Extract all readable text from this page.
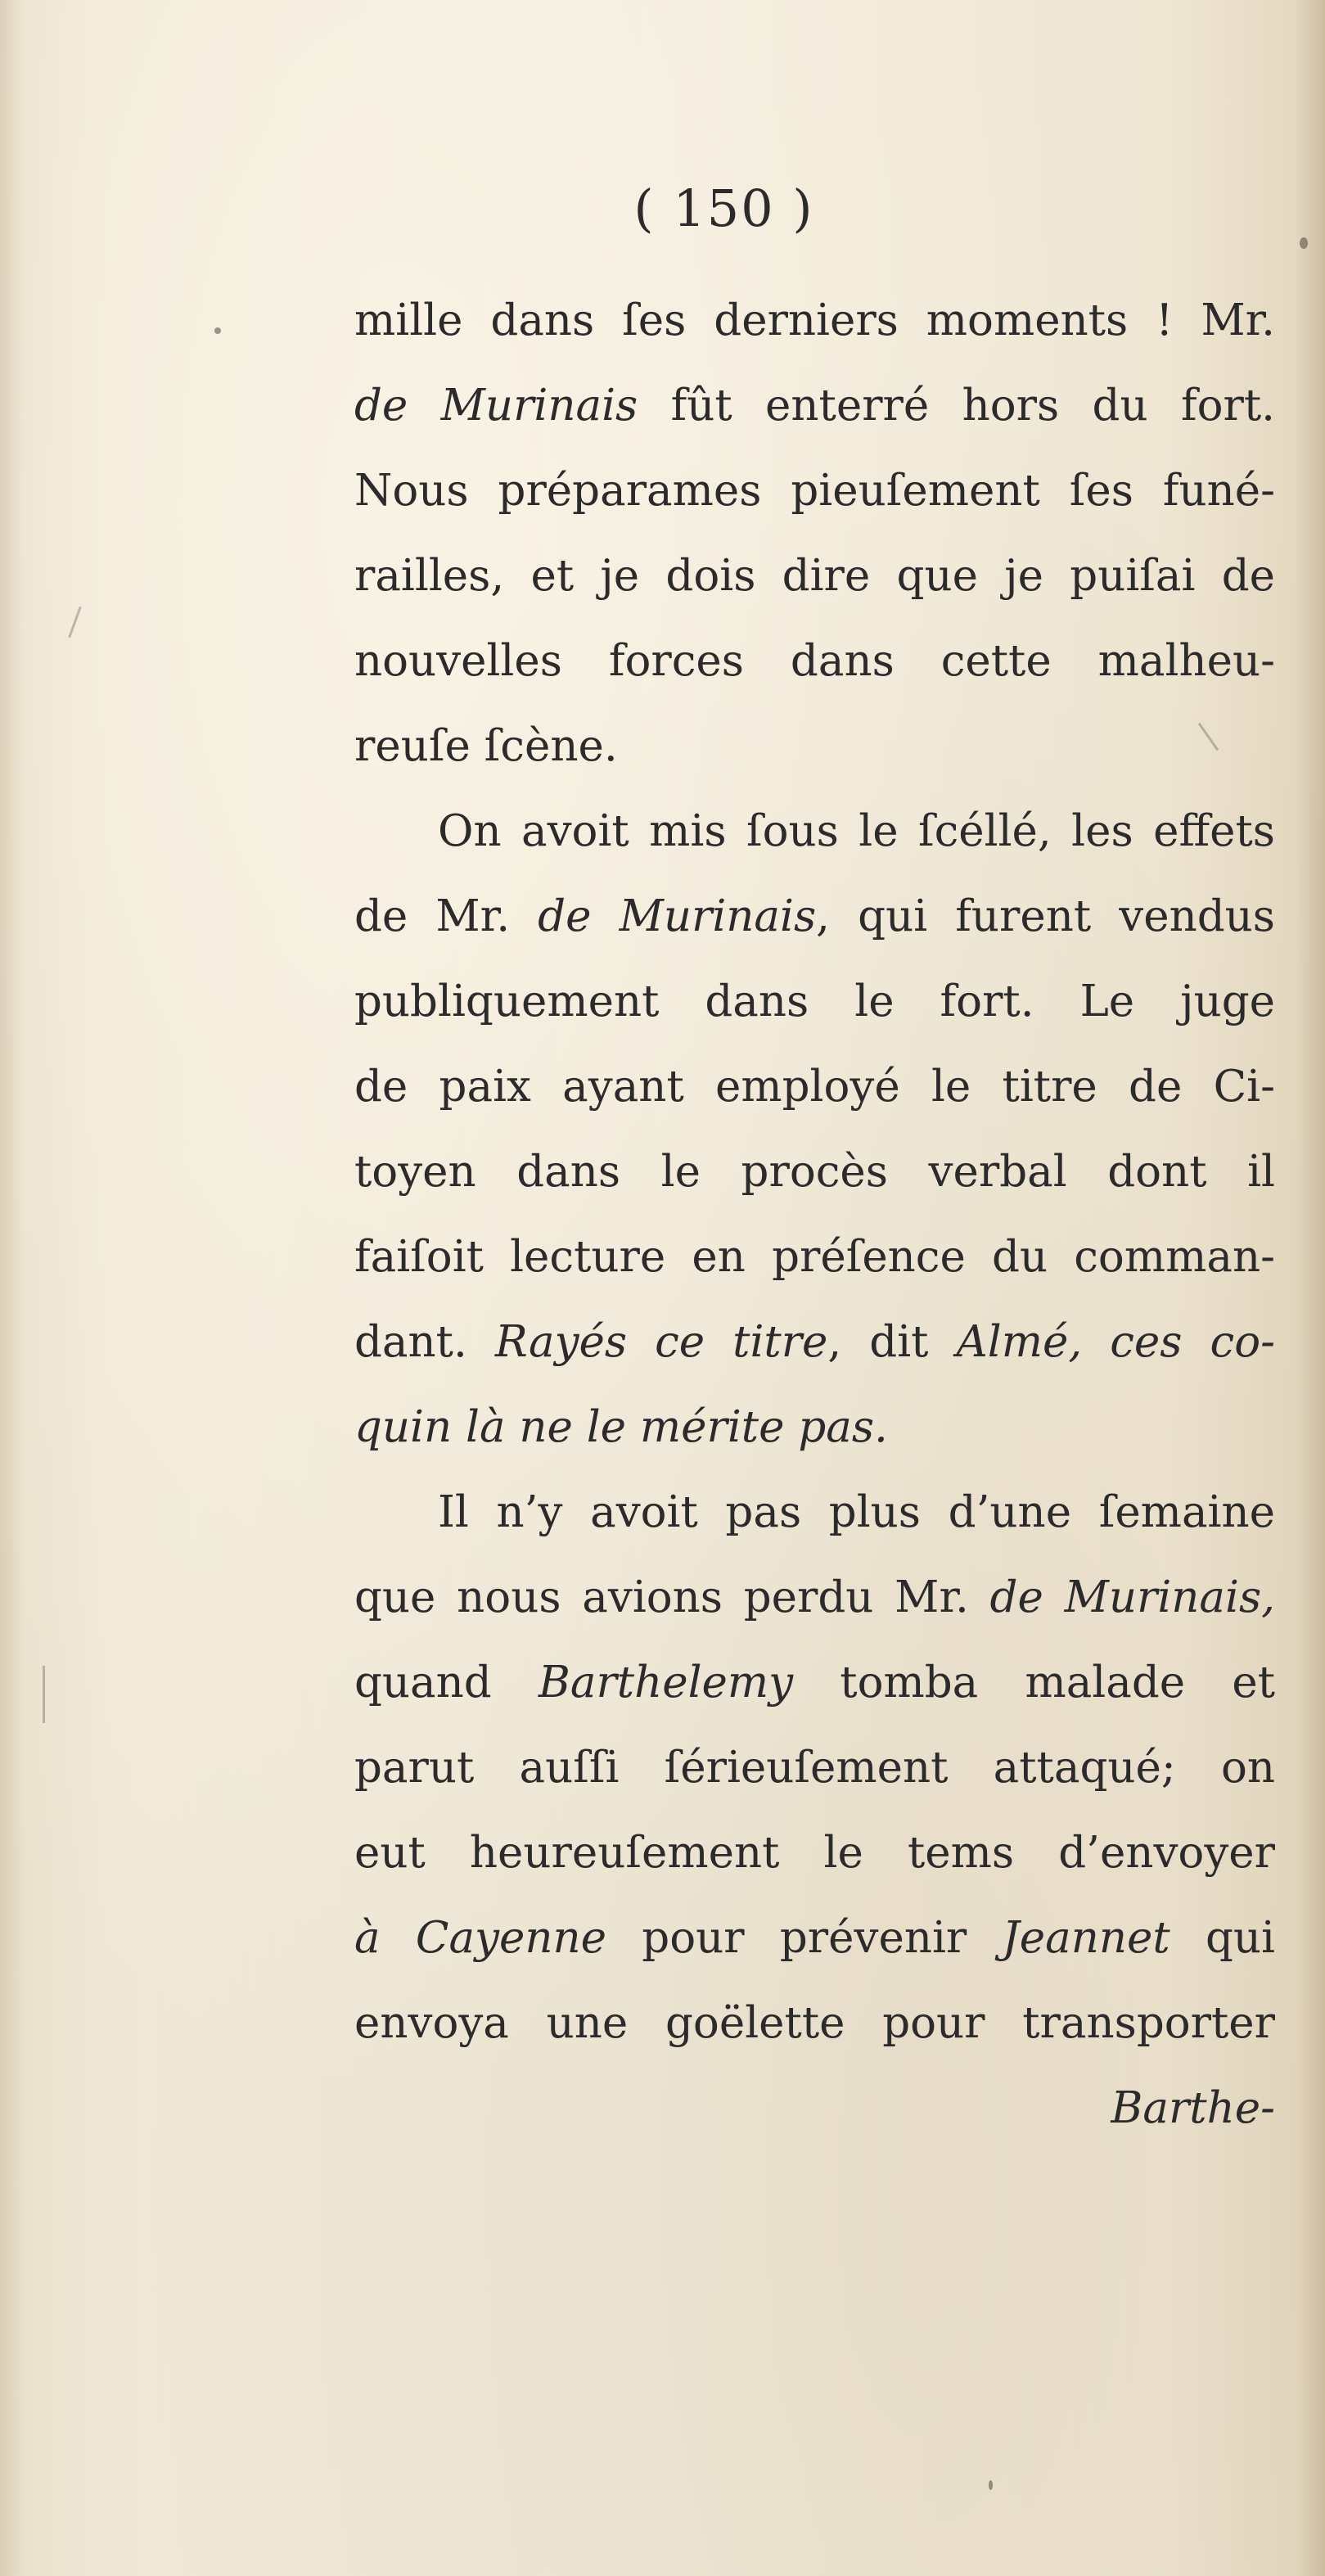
( 150 )
mille dans ſes derniers moments ! Mr.
de Murinais fût enterré hors du fort.
Nous préparames pieuſement ſes funé-
railles, et je dois dire que je puiſai de
nouvelles forces dans cette malheu-
reuſe ſcène.
On avoit mis ſous le ſcéllé, les effets
de Mr. de Murinais, qui furent vendus
publiquement dans le fort. Le juge
de paix ayant employé le titre de Ci-
toyen dans le procès verbal dont il
faiſoit lecture en préſence du comman-
dant. Rayés ce titre, dit Almé, ces co-
quin là ne le mérite pas.
Il n’y avoit pas plus d’une ſemaine
que nous avions perdu Mr. de Murinais,
quand Barthelemy tomba malade et
parut auſſi ſérieuſement attaqué; on
eut heureuſement le tems d’envoyer
à Cayenne pour prévenir Jeannet qui
envoya une goëlette pour transporter
Barthe-
